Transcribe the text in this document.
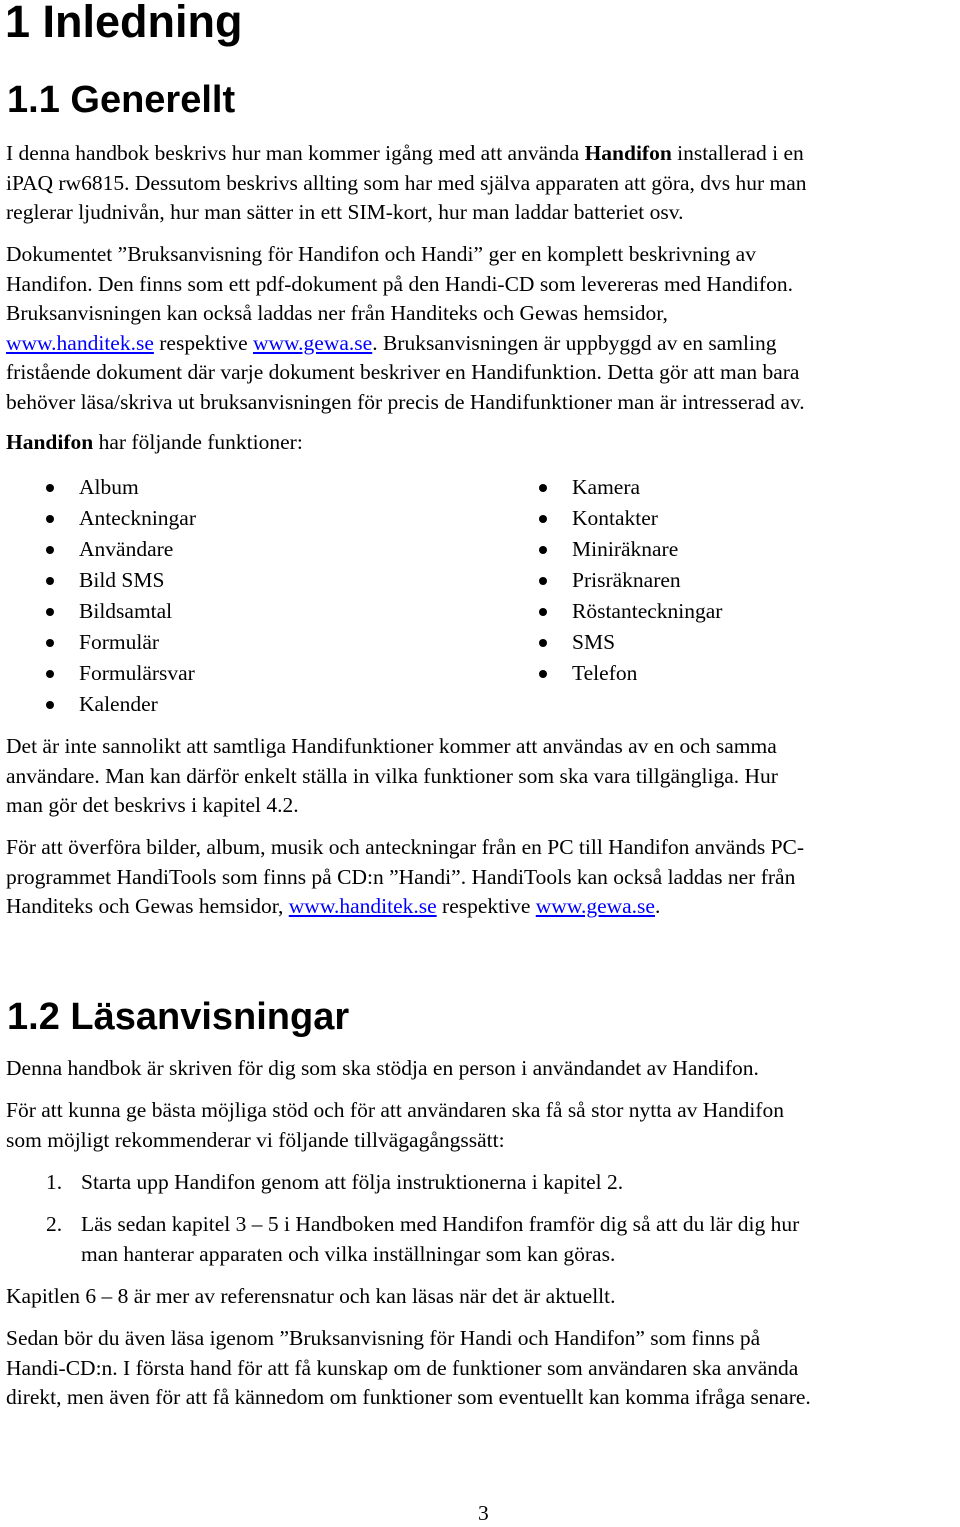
1 Inledning
1.1 Generellt

I denna handbok beskrivs hur man kommer igång med att använda Handifon installerad i en
iPAQ rw6815. Dessutom beskrivs allting som har med själva apparaten att göra, dvs hur man
reglerar ljudnivån, hur man sätter in ett SIM-kort, hur man laddar batteriet osv.

Dokumentet ”Bruksanvisning för Handifon och Handi” ger en komplett beskrivning av
Handifon. Den finns som ett pdf-dokument på den Handi-CD som levereras med Handifon.
Bruksanvisningen kan också laddas ner från Handiteks och Gewas hemsidor,
www.handitek.se respektive www.gewa.se. Bruksanvisningen är uppbyggd av en samling
fristående dokument där varje dokument beskriver en Handifunktion. Detta gör att man bara
behöver läsa/skriva ut bruksanvisningen för precis de Handifunktioner man är intresserad av.

Handifon har följande funktioner:

Album
Anteckningar
Användare
Bild SMS
Bildsamtal
Formulär
Formulärsvar
Kalender
Kamera
Kontakter
Miniräknare
Prisräknaren
Röstanteckningar
SMS
Telefon

Det är inte sannolikt att samtliga Handifunktioner kommer att användas av en och samma
användare. Man kan därför enkelt ställa in vilka funktioner som ska vara tillgängliga. Hur
man gör det beskrivs i kapitel 4.2.

För att överföra bilder, album, musik och anteckningar från en PC till Handifon används PC-
programmet HandiTools som finns på CD:n ”Handi”. HandiTools kan också laddas ner från
Handiteks och Gewas hemsidor, www.handitek.se respektive www.gewa.se.

1.2 Läsanvisningar

Denna handbok är skriven för dig som ska stödja en person i användandet av Handifon.

För att kunna ge bästa möjliga stöd och för att användaren ska få så stor nytta av Handifon
som möjligt rekommenderar vi följande tillvägagångssätt:

1. Starta upp Handifon genom att följa instruktionerna i kapitel 2.
2. Läs sedan kapitel 3 – 5 i Handboken med Handifon framför dig så att du lär dig hur
man hanterar apparaten och vilka inställningar som kan göras.

Kapitlen 6 – 8 är mer av referensnatur och kan läsas när det är aktuellt.

Sedan bör du även läsa igenom ”Bruksanvisning för Handi och Handifon” som finns på
Handi-CD:n. I första hand för att få kunskap om de funktioner som användaren ska använda
direkt, men även för att få kännedom om funktioner som eventuellt kan komma ifråga senare.

3
